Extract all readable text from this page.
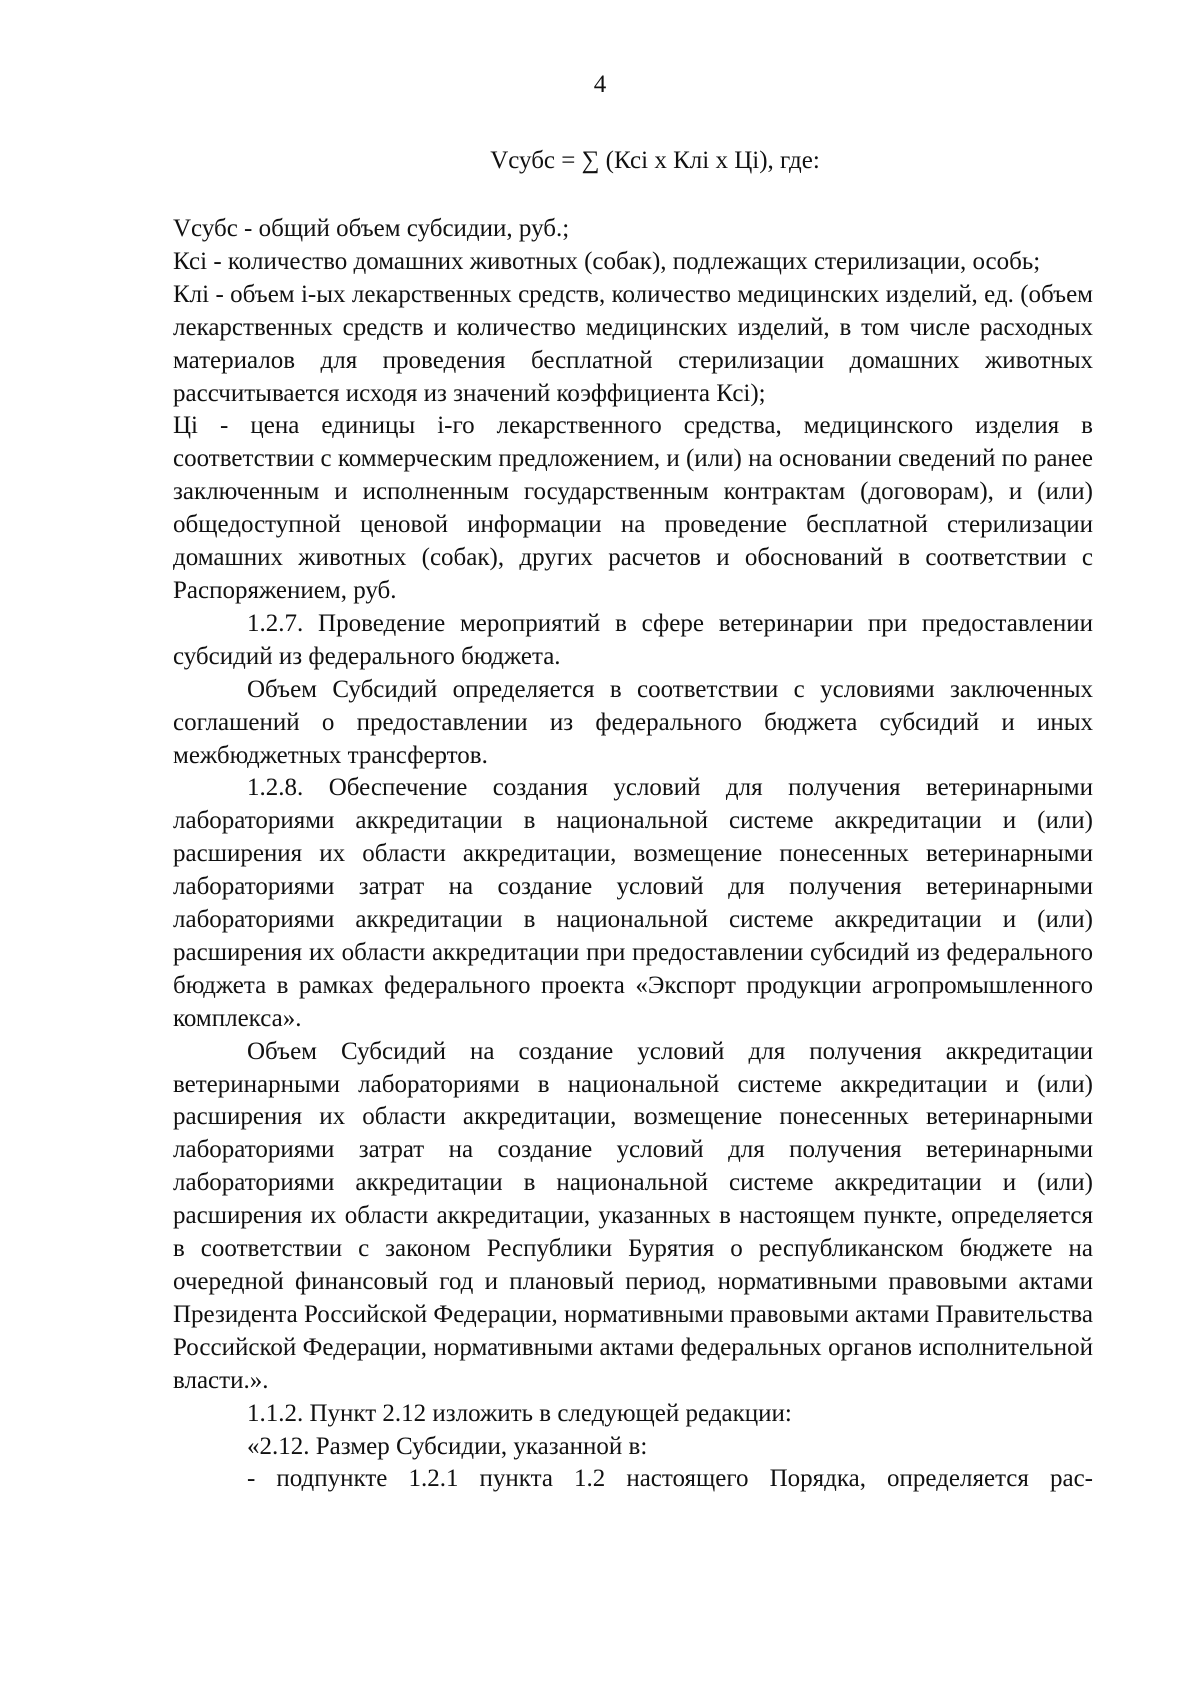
4
Vсубс = ∑ (Ксi х Клi х Цi), где:

Vсубс - общий объем субсидии, руб.;

Ксi - количество домашних животных (собак), подлежащих стерилизации, особь;

Клi - объем i-ых лекарственных средств, количество медицинских изделий, ед. (объем лекарственных средств и количество медицинских изделий, в том числе расходных материалов для проведения бесплатной стерилизации домашних животных рассчитывается исходя из значений коэффициента Ксi);

Цi - цена единицы i-го лекарственного средства, медицинского изделия в соответствии с коммерческим предложением, и (или) на основании сведений по ранее заключенным и исполненным государственным контрактам (договорам), и (или) общедоступной ценовой информации на проведение бесплатной стерилизации домашних животных (собак), других расчетов и обоснований в соответствии с Распоряжением, руб.

1.2.7. Проведение мероприятий в сфере ветеринарии при предоставлении субсидий из федерального бюджета.

Объем Субсидий определяется в соответствии с условиями заключенных соглашений о предоставлении из федерального бюджета субсидий и иных межбюджетных трансфертов.

1.2.8. Обеспечение создания условий для получения ветеринарными лабораториями аккредитации в национальной системе аккредитации и (или) расширения их области аккредитации, возмещение понесенных ветеринарными лабораториями затрат на создание условий для получения ветеринарными лабораториями аккредитации в национальной системе аккредитации и (или) расширения их области аккредитации при предоставлении субсидий из федерального бюджета в рамках федерального проекта «Экспорт продукции агропромышленного комплекса».

Объем Субсидий на создание условий для получения аккредитации ветеринарными лабораториями в национальной системе аккредитации и (или) расширения их области аккредитации, возмещение понесенных ветеринарными лабораториями затрат на создание условий для получения ветеринарными лабораториями аккредитации в национальной системе аккредитации и (или) расширения их области аккредитации, указанных в настоящем пункте, определяется в соответствии с законом Республики Бурятия о республиканском бюджете на очередной финансовый год и плановый период, нормативными правовыми актами Президента Российской Федерации, нормативными правовыми актами Правительства Российской Федерации, нормативными актами федеральных органов исполнительной власти.».

1.1.2. Пункт 2.12 изложить в следующей редакции:

«2.12. Размер Субсидии, указанной в:

- подпункте 1.2.1 пункта 1.2 настоящего Порядка, определяется рас-
